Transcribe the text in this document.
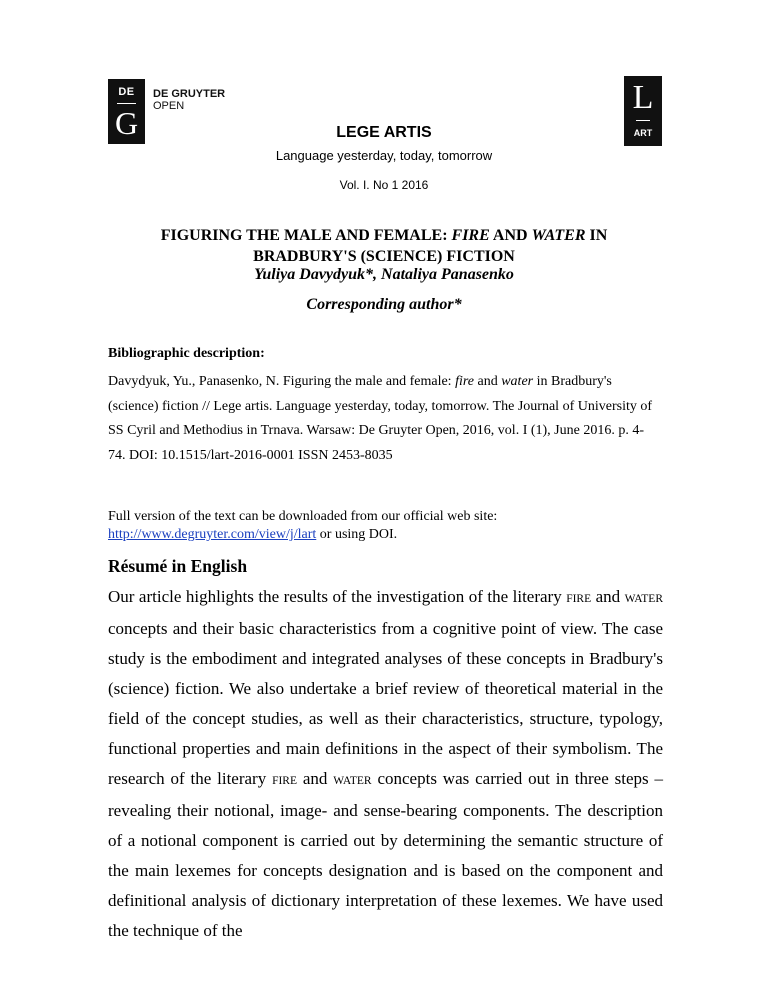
DE
G
DE GRUYTER
OPEN	L
ART
LEGE ARTIS
Language yesterday, today, tomorrow
Vol. I. No 1 2016
FIGURING THE MALE AND FEMALE: FIRE AND WATER IN
BRADBURY'S (SCIENCE) FICTION
Yuliya Davydyuk*, Nataliya Panasenko
Corresponding author*
Bibliographic description:
Davydyuk, Yu., Panasenko, N. Figuring the male and female: fire and water in Bradbury's (science) fiction // Lege artis. Language yesterday, today, tomorrow. The Journal of University of SS Cyril and Methodius in Trnava. Warsaw: De Gruyter Open, 2016, vol. I (1), June 2016. p. 4-74. DOI: 10.1515/lart-2016-0001 ISSN 2453-8035
Full version of the text can be downloaded from our official web site:
http://www.degruyter.com/view/j/lart or using DOI.
Résumé in English
Our article highlights the results of the investigation of the literary FIRE and WATER concepts and their basic characteristics from a cognitive point of view. The case study is the embodiment and integrated analyses of these concepts in Bradbury's (science) fiction. We also undertake a brief review of theoretical material in the field of the concept studies, as well as their characteristics, structure, typology, functional properties and main definitions in the aspect of their symbolism. The research of the literary FIRE and WATER concepts was carried out in three steps – revealing their notional, image- and sense-bearing components. The description of a notional component is carried out by determining the semantic structure of the main lexemes for concepts designation and is based on the component and definitional analysis of dictionary interpretation of these lexemes. We have used the technique of the
